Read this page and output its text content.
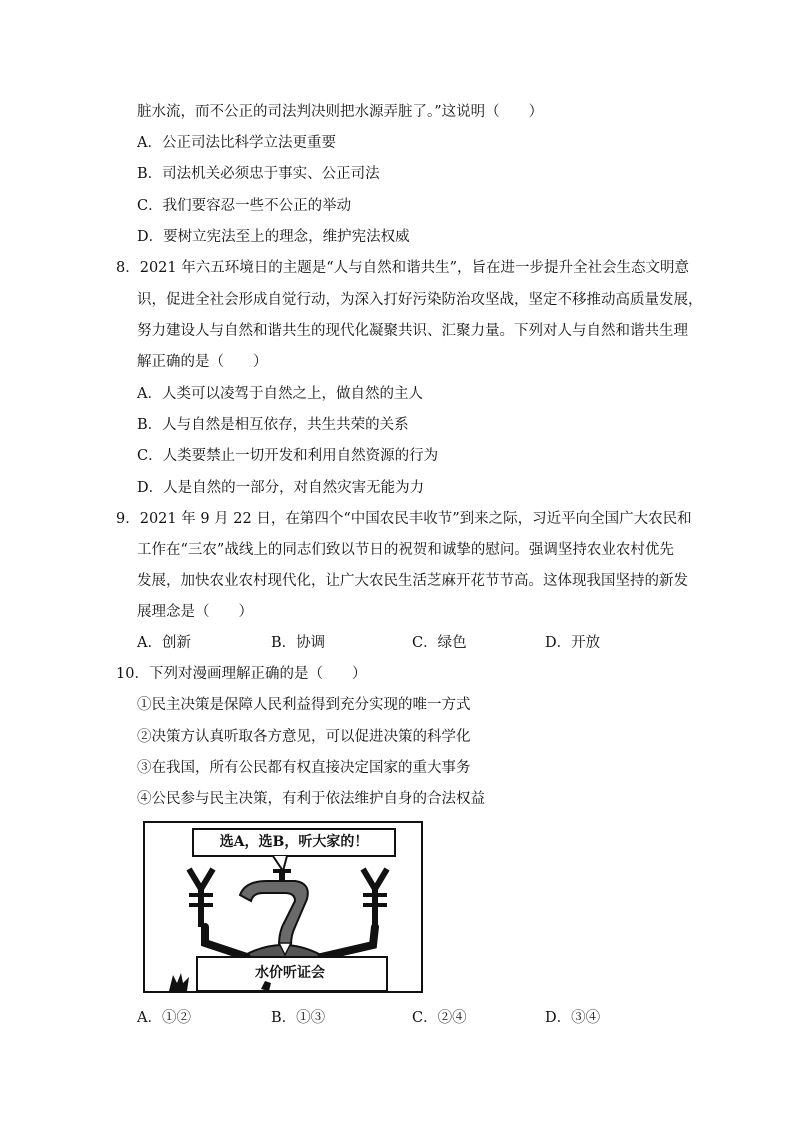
脏水流，而不公正的司法判决则把水源弄脏了。”这说明（　　）
A．公正司法比科学立法更重要
B．司法机关必须忠于事实、公正司法
C．我们要容忍一些不公正的举动
D．要树立宪法至上的理念，维护宪法权威
8．2021 年六五环境日的主题是“人与自然和谐共生”，旨在进一步提升全社会生态文明意
识，促进全社会形成自觉行动，为深入打好污染防治攻坚战，坚定不移推动高质量发展，
努力建设人与自然和谐共生的现代化凝聚共识、汇聚力量。下列对人与自然和谐共生理
解正确的是（　　）
A．人类可以凌驾于自然之上，做自然的主人
B．人与自然是相互依存，共生共荣的关系
C．人类要禁止一切开发和利用自然资源的行为
D．人是自然的一部分，对自然灾害无能为力
9．2021 年 9 月 22 日，在第四个“中国农民丰收节”到来之际，习近平向全国广大农民和
工作在“三农”战线上的同志们致以节日的祝贺和诚挚的慰问。强调坚持农业农村优先
发展，加快农业农村现代化，让广大农民生活芝麻开花节节高。这体现我国坚持的新发
展理念是（　　）
A．创新	B．协调	C．绿色	D．开放
10．下列对漫画理解正确的是（　　）
①民主决策是保障人民利益得到充分实现的唯一方式
②决策方认真听取各方意见，可以促进决策的科学化
③在我国，所有公民都有权直接决定国家的重大事务
④公民参与民主决策，有利于依法维护自身的合法权益
选A，选B，听大家的！
水价听证会
A．①②	B．①③	C．②④	D．③④
